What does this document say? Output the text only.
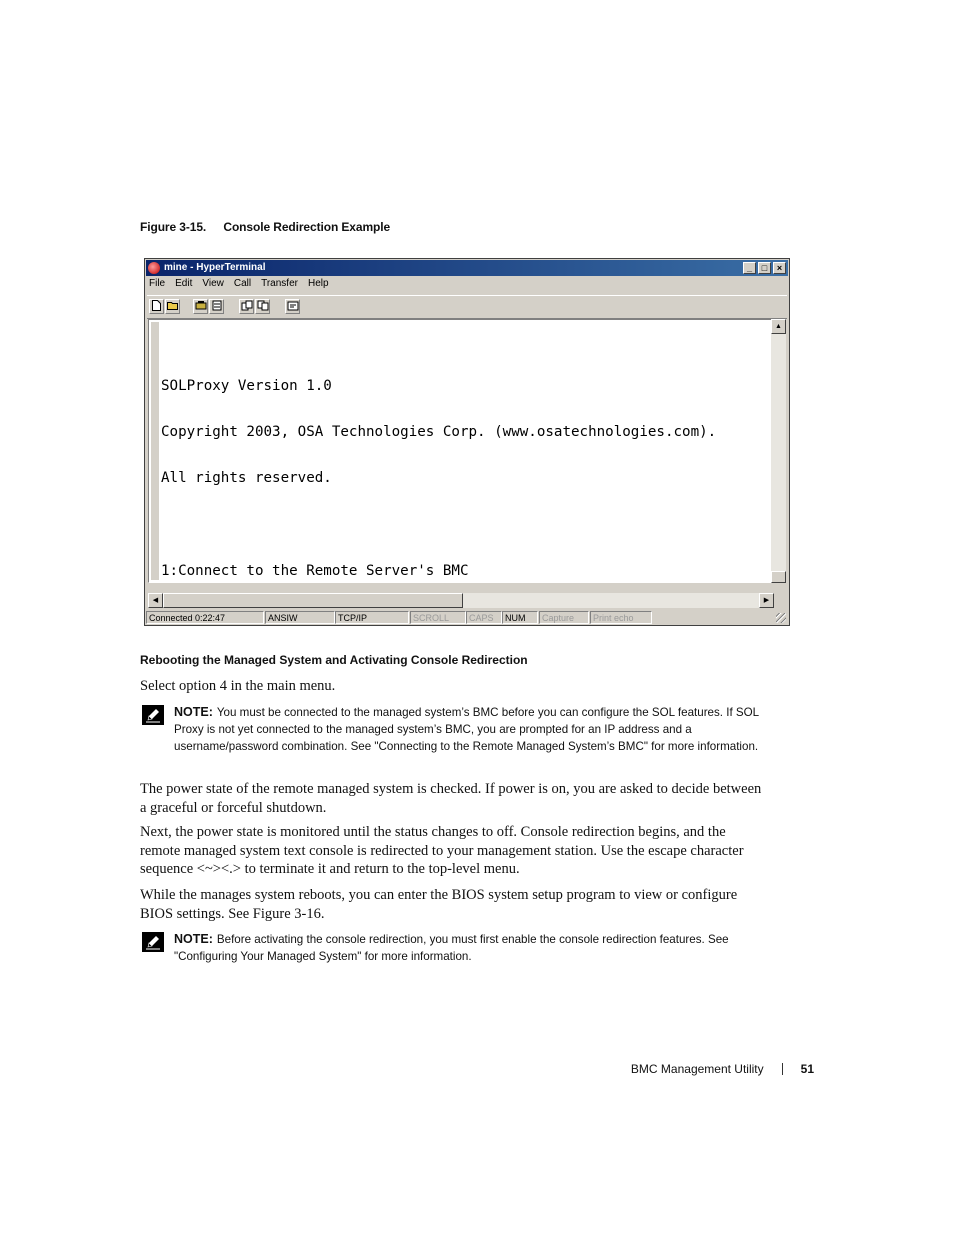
Figure 3-15. Console Redirection Example
mine - HyperTerminal	_	□	×
File Edit View Call Transfer Help

SOLProxy Version 1.0

Copyright 2003, OSA Technologies Corp. (www.osatechnologies.com).

All rights reserved.

1:Connect to the Remote Server's BMC

▲
◀	▶
Connected 0:22:47	ANSIW	TCP/IP	SCROLL	CAPS	NUM	Capture	Print echo
Rebooting the Managed System and Activating Console Redirection
Select option 4 in the main menu.
NOTE: You must be connected to the managed system’s BMC before you can configure the SOL features. If SOL Proxy is not yet connected to the managed system’s BMC, you are prompted for an IP address and a username/password combination. See "Connecting to the Remote Managed System’s BMC" for more information.
The power state of the remote managed system is checked. If power is on, you are asked to decide between a graceful or forceful shutdown.
Next, the power state is monitored until the status changes to off. Console redirection begins, and the remote managed system text console is redirected to your management station. Use the escape character sequence <~><.> to terminate it and return to the top-level menu.
While the manages system reboots, you can enter the BIOS system setup program to view or configure BIOS settings. See Figure 3-16.
NOTE: Before activating the console redirection, you must first enable the console redirection features. See "Configuring Your Managed System" for more information.
BMC Management Utility	51
